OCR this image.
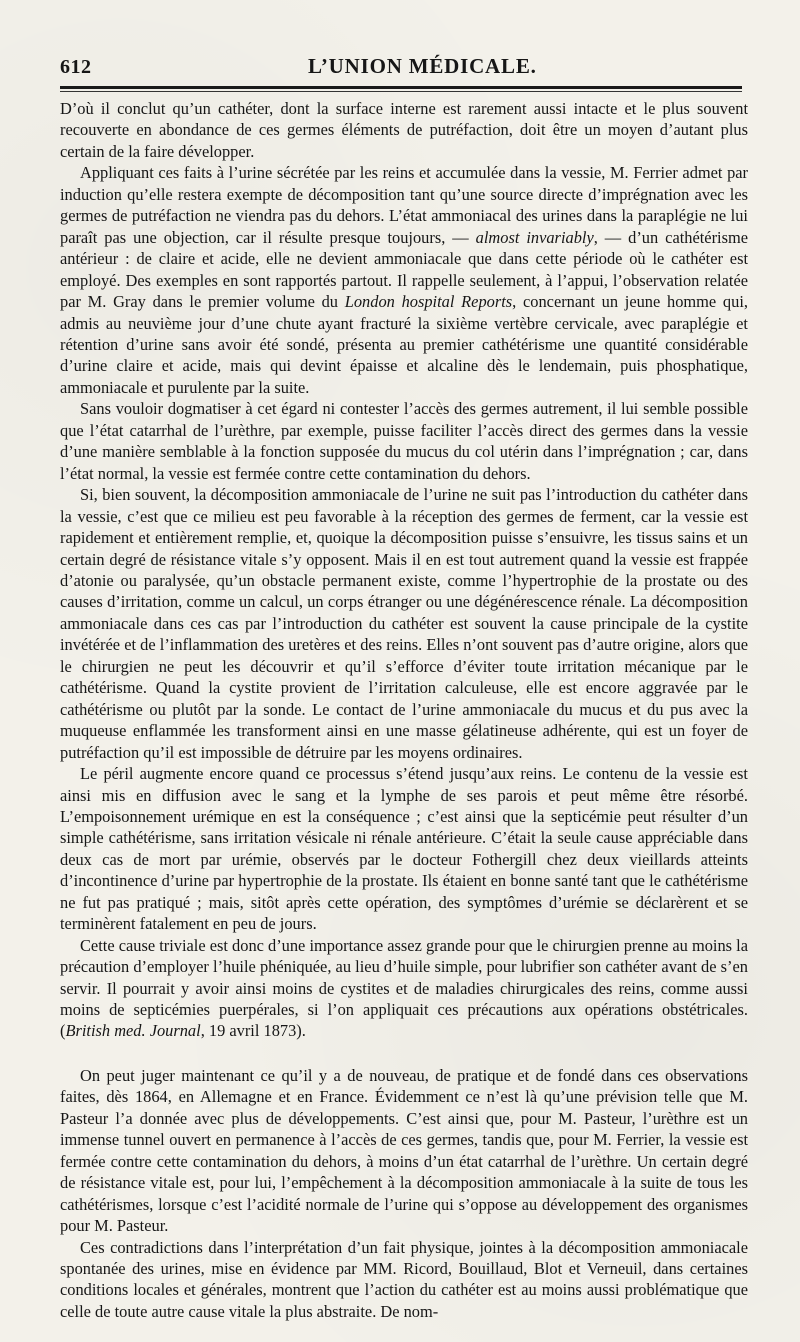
612	L’UNION MÉDICALE.

D’où il conclut qu’un cathéter, dont la surface interne est rarement aussi intacte et le plus souvent recouverte en abondance de ces germes éléments de putréfaction, doit être un moyen d’autant plus certain de la faire développer.

Appliquant ces faits à l’urine sécrétée par les reins et accumulée dans la vessie, M. Ferrier admet par induction qu’elle restera exempte de décomposition tant qu’une source directe d’imprégnation avec les germes de putréfaction ne viendra pas du dehors. L’état ammoniacal des urines dans la paraplégie ne lui paraît pas une objection, car il résulte presque toujours, — almost invariably, — d’un cathétérisme antérieur : de claire et acide, elle ne devient ammoniacale que dans cette période où le cathéter est employé. Des exemples en sont rapportés partout. Il rappelle seulement, à l’appui, l’observation relatée par M. Gray dans le premier volume du London hospital Reports, concernant un jeune homme qui, admis au neuvième jour d’une chute ayant fracturé la sixième vertèbre cervicale, avec paraplégie et rétention d’urine sans avoir été sondé, présenta au premier cathétérisme une quantité considérable d’urine claire et acide, mais qui devint épaisse et alcaline dès le lendemain, puis phosphatique, ammoniacale et purulente par la suite.

Sans vouloir dogmatiser à cet égard ni contester l’accès des germes autrement, il lui semble possible que l’état catarrhal de l’urèthre, par exemple, puisse faciliter l’accès direct des germes dans la vessie d’une manière semblable à la fonction supposée du mucus du col utérin dans l’imprégnation ; car, dans l’état normal, la vessie est fermée contre cette contamination du dehors.

Si, bien souvent, la décomposition ammoniacale de l’urine ne suit pas l’introduction du cathéter dans la vessie, c’est que ce milieu est peu favorable à la réception des germes de ferment, car la vessie est rapidement et entièrement remplie, et, quoique la décomposition puisse s’ensuivre, les tissus sains et un certain degré de résistance vitale s’y opposent. Mais il en est tout autrement quand la vessie est frappée d’atonie ou paralysée, qu’un obstacle permanent existe, comme l’hypertrophie de la prostate ou des causes d’irritation, comme un calcul, un corps étranger ou une dégénérescence rénale. La décomposition ammoniacale dans ces cas par l’introduction du cathéter est souvent la cause principale de la cystite invétérée et de l’inflammation des uretères et des reins. Elles n’ont souvent pas d’autre origine, alors que le chirurgien ne peut les découvrir et qu’il s’efforce d’éviter toute irritation mécanique par le cathétérisme. Quand la cystite provient de l’irritation calculeuse, elle est encore aggravée par le cathétérisme ou plutôt par la sonde. Le contact de l’urine ammoniacale du mucus et du pus avec la muqueuse enflammée les transforment ainsi en une masse gélatineuse adhérente, qui est un foyer de putréfaction qu’il est impossible de détruire par les moyens ordinaires.

Le péril augmente encore quand ce processus s’étend jusqu’aux reins. Le contenu de la vessie est ainsi mis en diffusion avec le sang et la lymphe de ses parois et peut même être résorbé. L’empoisonnement urémique en est la conséquence ; c’est ainsi que la septicémie peut résulter d’un simple cathétérisme, sans irritation vésicale ni rénale antérieure. C’était la seule cause appréciable dans deux cas de mort par urémie, observés par le docteur Fothergill chez deux vieillards atteints d’incontinence d’urine par hypertrophie de la prostate. Ils étaient en bonne santé tant que le cathétérisme ne fut pas pratiqué ; mais, sitôt après cette opération, des symptômes d’urémie se déclarèrent et se terminèrent fatalement en peu de jours.

Cette cause triviale est donc d’une importance assez grande pour que le chirurgien prenne au moins la précaution d’employer l’huile phéniquée, au lieu d’huile simple, pour lubrifier son cathéter avant de s’en servir. Il pourrait y avoir ainsi moins de cystites et de maladies chirurgicales des reins, comme aussi moins de septicémies puerpérales, si l’on appliquait ces précautions aux opérations obstétricales. (British med. Journal, 19 avril 1873).

On peut juger maintenant ce qu’il y a de nouveau, de pratique et de fondé dans ces observations faites, dès 1864, en Allemagne et en France. Évidemment ce n’est là qu’une prévision telle que M. Pasteur l’a donnée avec plus de développements. C’est ainsi que, pour M. Pasteur, l’urèthre est un immense tunnel ouvert en permanence à l’accès de ces germes, tandis que, pour M. Ferrier, la vessie est fermée contre cette contamination du dehors, à moins d’un état catarrhal de l’urèthre. Un certain degré de résistance vitale est, pour lui, l’empêchement à la décomposition ammoniacale à la suite de tous les cathétérismes, lorsque c’est l’acidité normale de l’urine qui s’oppose au développement des organismes pour M. Pasteur.

Ces contradictions dans l’interprétation d’un fait physique, jointes à la décomposition ammoniacale spontanée des urines, mise en évidence par MM. Ricord, Bouillaud, Blot et Verneuil, dans certaines conditions locales et générales, montrent que l’action du cathéter est au moins aussi problématique que celle de toute autre cause vitale la plus abstraite. De nom-
